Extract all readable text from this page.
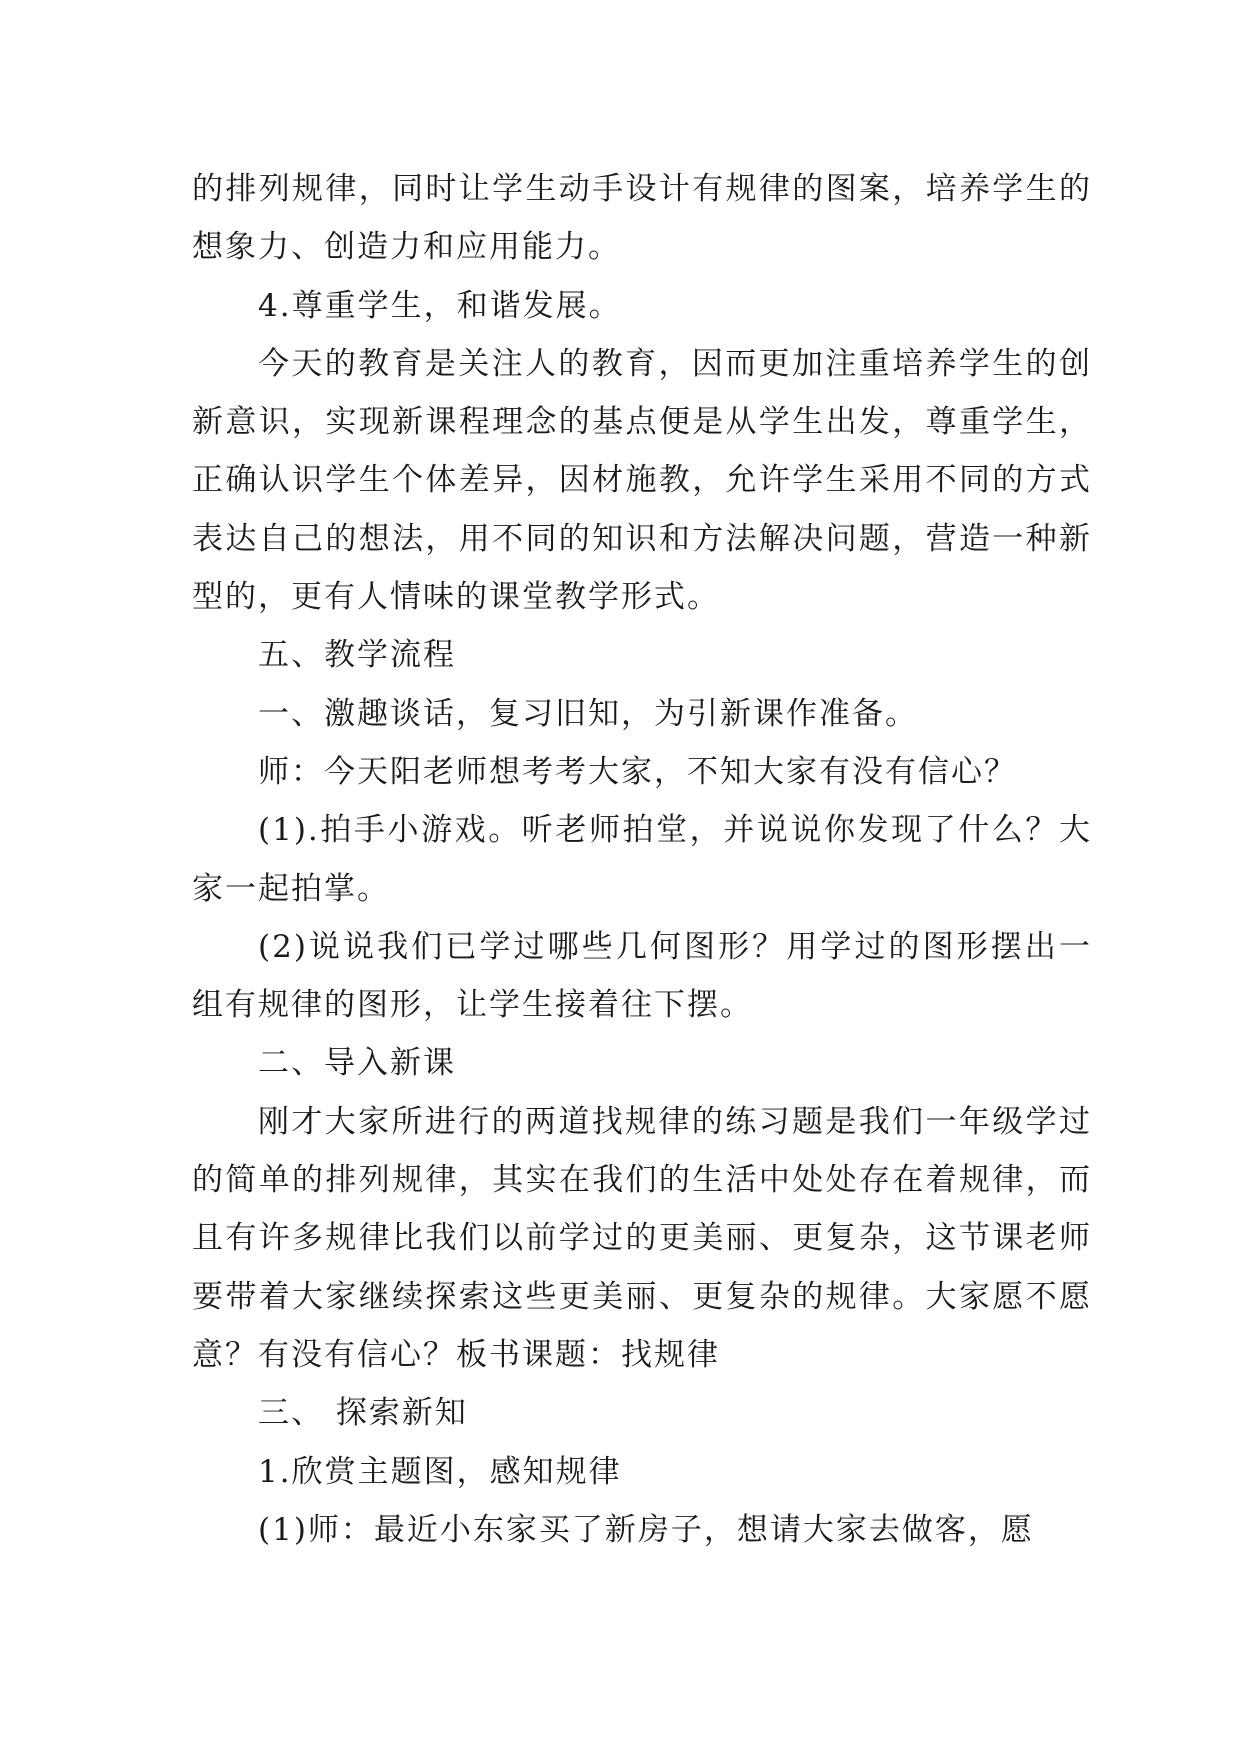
的排列规律，同时让学生动手设计有规律的图案，培养学生的想象力、创造力和应用能力。

4.尊重学生，和谐发展。

今天的教育是关注人的教育，因而更加注重培养学生的创新意识，实现新课程理念的基点便是从学生出发，尊重学生，正确认识学生个体差异，因材施教，允许学生采用不同的方式表达自己的想法，用不同的知识和方法解决问题，营造一种新型的，更有人情味的课堂教学形式。

五、教学流程

一、激趣谈话，复习旧知，为引新课作准备。

师：今天阳老师想考考大家，不知大家有没有信心？

(1).拍手小游戏。听老师拍堂，并说说你发现了什么？大家一起拍掌。

(2)说说我们已学过哪些几何图形？用学过的图形摆出一组有规律的图形，让学生接着往下摆。

二、导入新课

刚才大家所进行的两道找规律的练习题是我们一年级学过的简单的排列规律，其实在我们的生活中处处存在着规律，而且有许多规律比我们以前学过的更美丽、更复杂，这节课老师要带着大家继续探索这些更美丽、更复杂的规律。大家愿不愿意？有没有信心？板书课题：找规律

三、 探索新知

1.欣赏主题图，感知规律

(1)师：最近小东家买了新房子，想请大家去做客，愿
